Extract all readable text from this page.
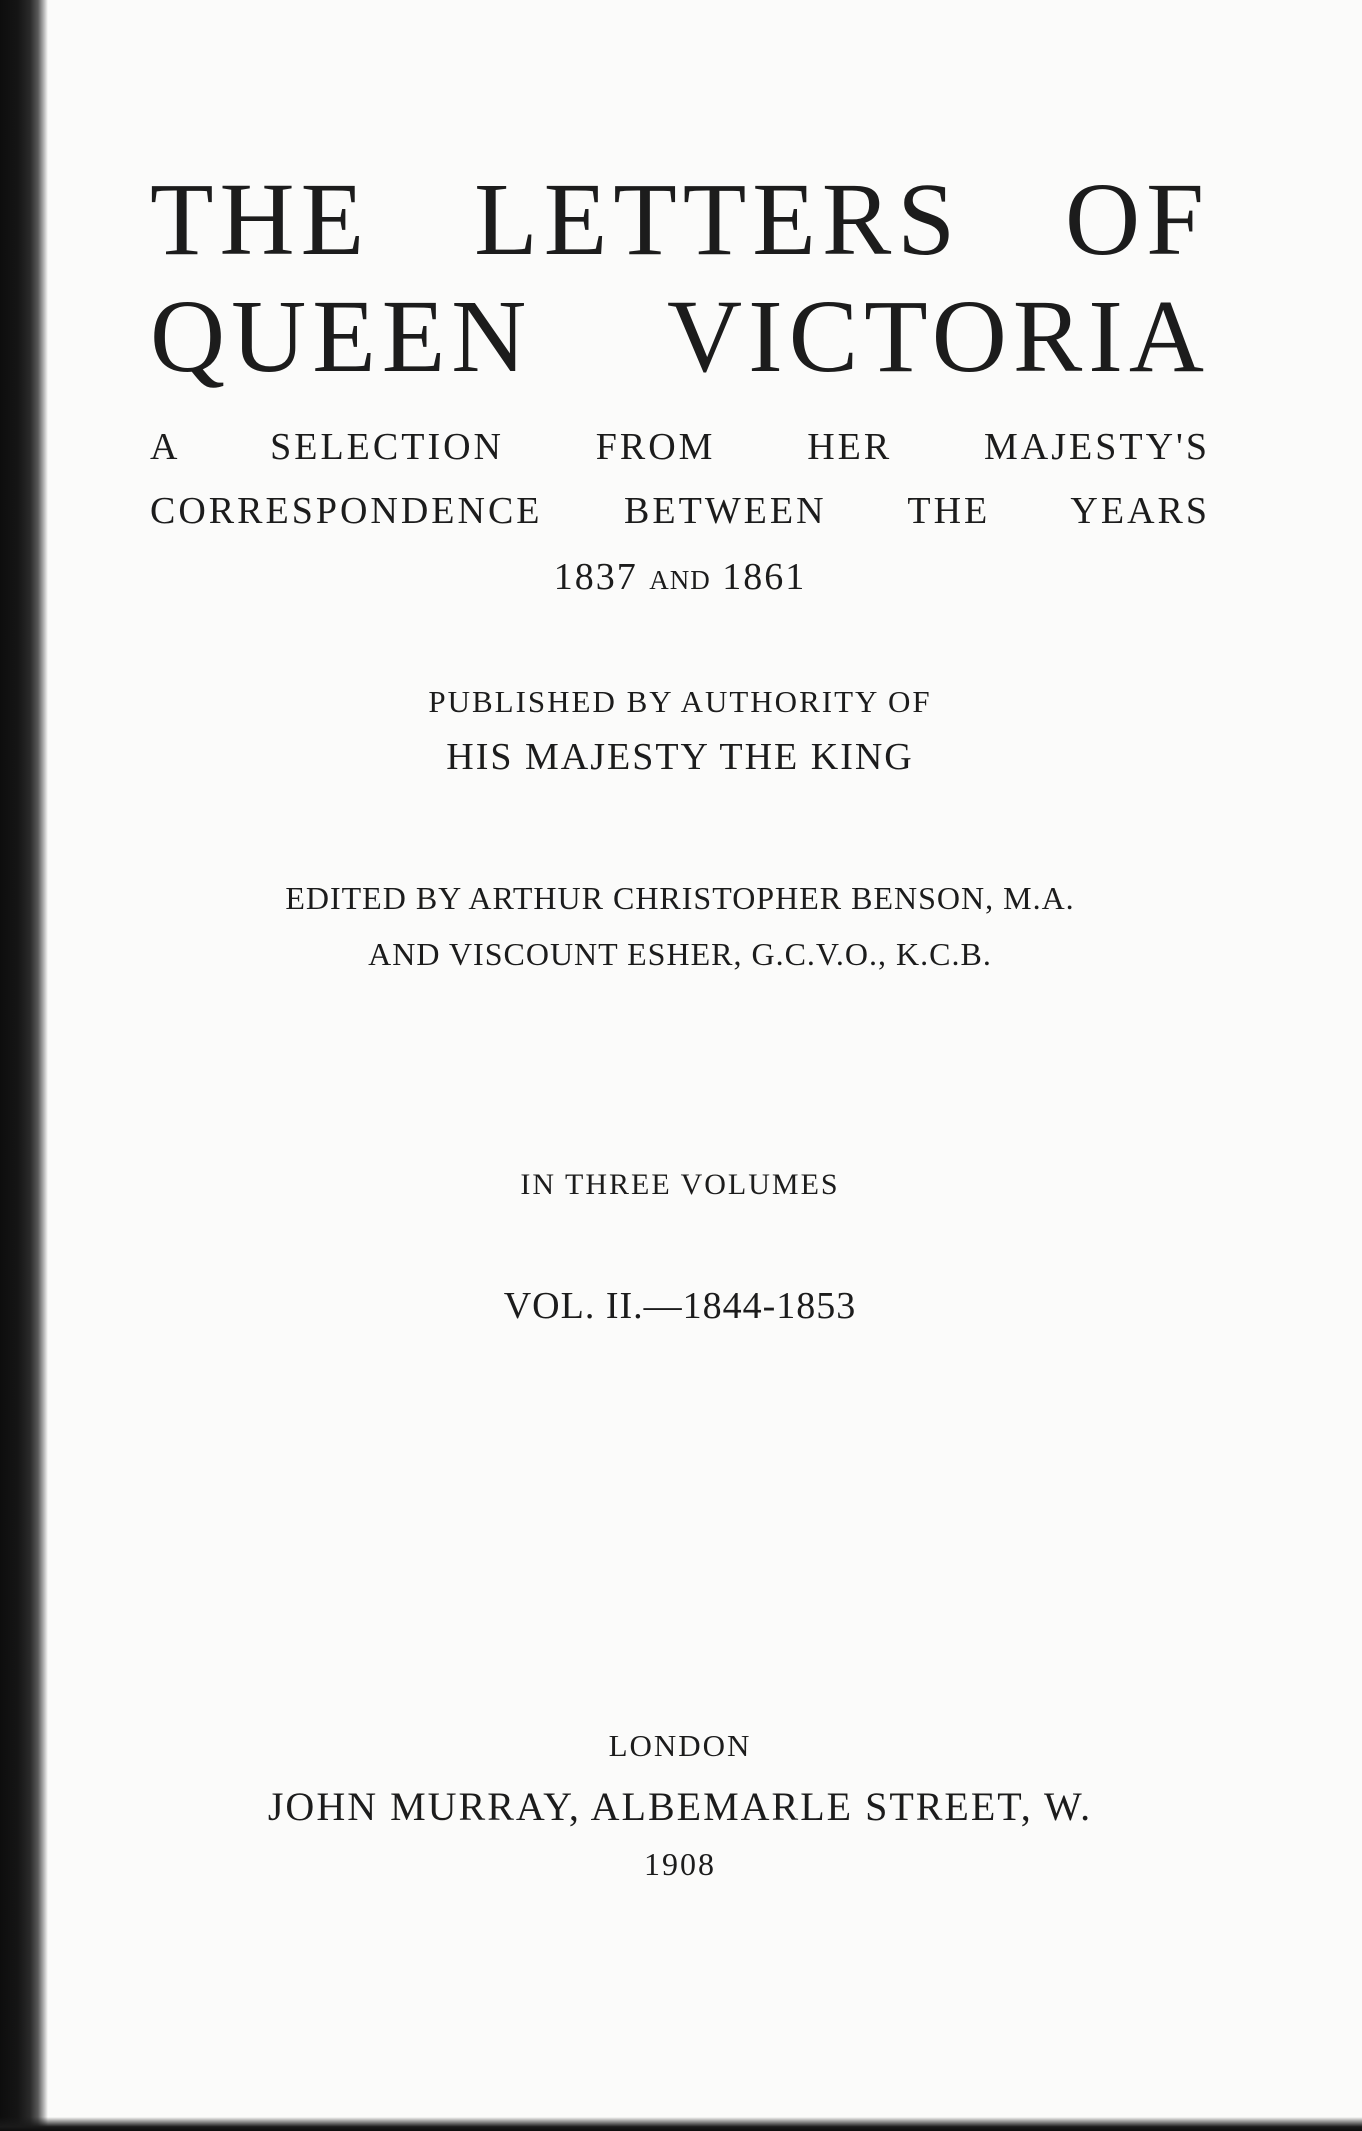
THE LETTERS OF
QUEEN VICTORIA

A SELECTION FROM HER MAJESTY'S

CORRESPONDENCE BETWEEN THE YEARS

1837 AND 1861

PUBLISHED BY AUTHORITY OF

HIS MAJESTY THE KING

EDITED BY ARTHUR CHRISTOPHER BENSON, M.A.

AND VISCOUNT ESHER, G.C.V.O., K.C.B.

IN THREE VOLUMES

VOL. II.—1844-1853

LONDON

JOHN MURRAY, ALBEMARLE STREET, W.

1908
